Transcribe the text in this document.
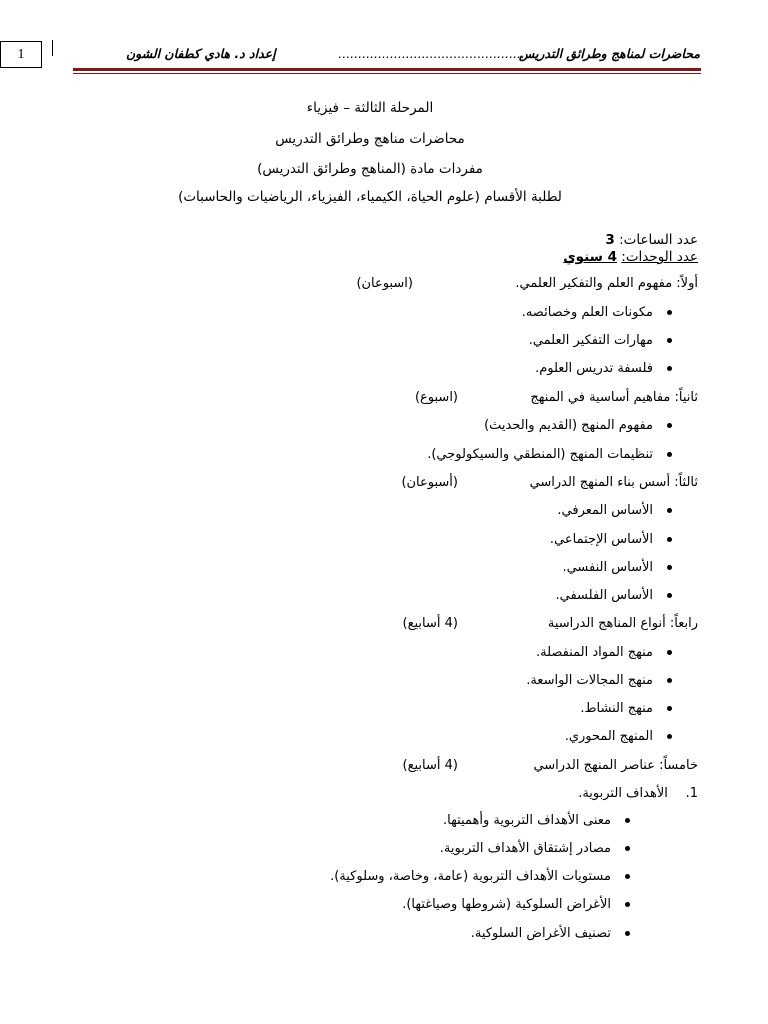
1	محاضرات لمناهج وطرائق التدريس
...............................................
إعداد د. هادي كطفان الشون
المرحلة الثالثة – فيزياء
محاضرات مناهج وطرائق التدريس
مفردات مادة (المناهج وطرائق التدريس)
لطلبة الأقسام (علوم الحياة، الكيمياء، الفيزياء، الرياضيات والحاسبات)
عدد الساعات: 3
عدد الوحدات: 4 سنوي
أولاً: مفهوم العلم والتفكير العلمي.
(اسبوعان)
مكونات العلم وخصائصه.
مهارات التفكير العلمي.
فلسفة تدريس العلوم.
ثانياً: مفاهيم أساسية في المنهج
(اسبوع)
مفهوم المنهج (القديم والحديث)
تنظيمات المنهج (المنطقي والسيكولوجي).
ثالثاً: أسس بناء المنهج الدراسي
(أسبوعان)
الأساس المعرفي.
الأساس الإجتماعي.
الأساس النفسي.
الأساس الفلسفي.
رابعاً: أنواع المناهج الدراسية
(4 أسابيع)
منهج المواد المنفصلة.
منهج المجالات الواسعة.
منهج النشاط.
المنهج المحوري.
خامساً: عناصر المنهج الدراسي
(4 أسابيع)
1. الأهداف التربوية.
معنى الأهداف التربوية وأهميتها.
مصادر إشتقاق الأهداف التربوية.
مستويات الأهداف التربوية (عامة، وخاصة، وسلوكية).
الأغراض السلوكية (شروطها وصياغتها).
تصنيف الأغراض السلوكية.
